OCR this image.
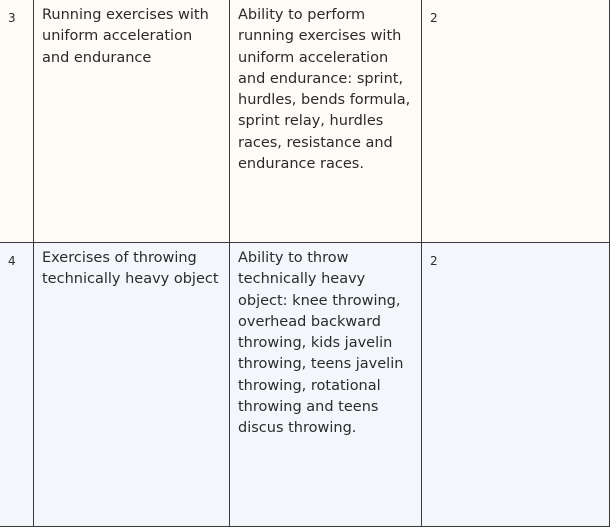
3	Running exercises with uniform acceleration and endurance	Ability to perform running exercises with uniform acceleration and endurance: sprint, hurdles, bends formula, sprint relay, hurdles races, resistance and endurance races.	2
4	Exercises of throwing technically heavy object	Ability to throw technically heavy object: knee throwing, overhead backward throwing, kids javelin throwing, teens javelin throwing, rotational throwing and teens discus throwing.	2
